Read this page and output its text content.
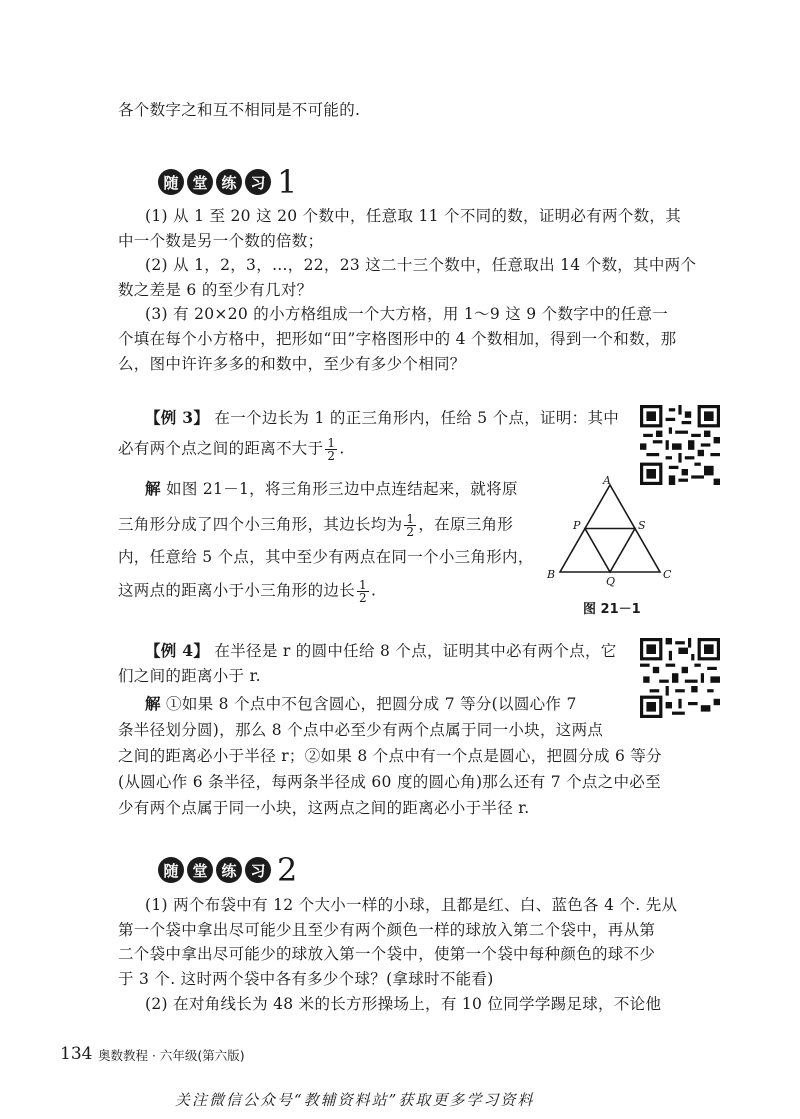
各个数字之和互不相同是不可能的.
随 堂 练 习 1
(1) 从 1 至 20 这 20 个数中，任意取 11 个不同的数，证明必有两个数，其
中一个数是另一个数的倍数；
(2) 从 1，2，3，…，22，23 这二十三个数中，任意取出 14 个数，其中两个
数之差是 6 的至少有几对？
(3) 有 20×20 的小方格组成一个大方格，用 1～9 这 9 个数字中的任意一
个填在每个小方格中，把形如“田”字格图形中的 4 个数相加，得到一个和数，那
么，图中许许多多的和数中，至少有多少个相同？
【例 3】 在一个边长为 1 的正三角形内，任给 5 个点，证明：其中
必有两个点之间的距离不大于 $\frac{1}{2}$ .
解 如图 21－1，将三角形三边中点连结起来，就将原
三角形分成了四个小三角形，其边长均为 $\frac{1}{2}$ ，在原三角形
内，任意给 5 个点，其中至少有两点在同一个小三角形内，
这两点的距离小于小三角形的边长 $\frac{1}{2}$ .
A
B	C
P	S
Q
图 21－1
【例 4】 在半径是 r 的圆中任给 8 个点，证明其中必有两个点，它
们之间的距离小于 r.
解 ①如果 8 个点中不包含圆心，把圆分成 7 等分(以圆心作 7
条半径划分圆)，那么 8 个点中必至少有两个点属于同一小块，这两点
之间的距离必小于半径 r；②如果 8 个点中有一个点是圆心，把圆分成 6 等分
(从圆心作 6 条半径，每两条半径成 60 度的圆心角)那么还有 7 个点之中必至
少有两个点属于同一小块，这两点之间的距离必小于半径 r.
随 堂 练 习 2
(1) 两个布袋中有 12 个大小一样的小球，且都是红、白、蓝色各 4 个. 先从
第一个袋中拿出尽可能少且至少有两个颜色一样的球放入第二个袋中，再从第
二个袋中拿出尽可能少的球放入第一个袋中，使第一个袋中每种颜色的球不少
于 3 个. 这时两个袋中各有多少个球？(拿球时不能看)
(2) 在对角线长为 48 米的长方形操场上，有 10 位同学学踢足球，不论他
134 奥数教程 · 六年级(第六版)
关注微信公众号“教辅资料站”获取更多学习资料
